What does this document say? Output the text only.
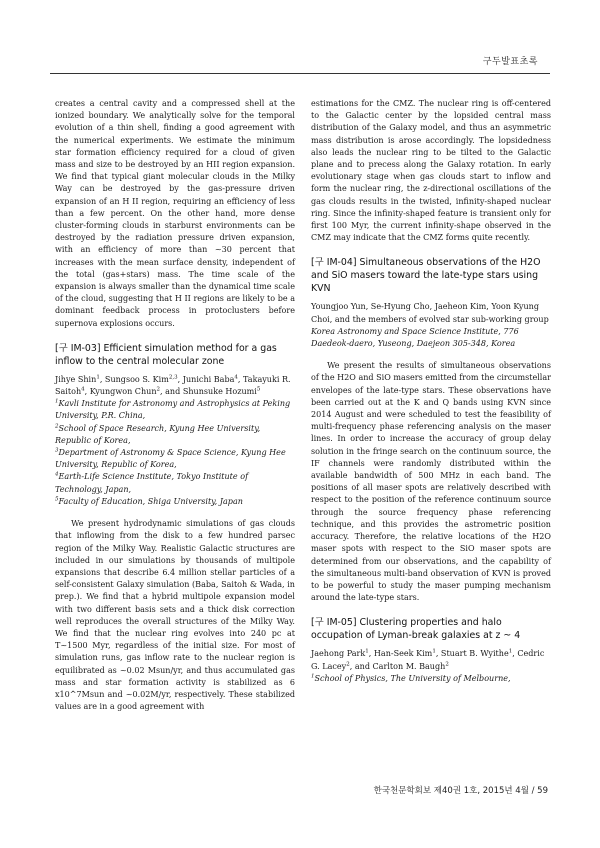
구두발표초록

creates a central cavity and a compressed shell at the ionized boundary. We analytically solve for the temporal evolution of a thin shell, finding a good agreement with the numerical experiments. We estimate the minimum star formation efficiency required for a cloud of given mass and size to be destroyed by an HII region expansion. We find that typical giant molecular clouds in the Milky Way can be destroyed by the gas-pressure driven expansion of an H II region, requiring an efficiency of less than a few percent. On the other hand, more dense cluster-forming clouds in starburst environments can be destroyed by the radiation pressure driven expansion, with an efficiency of more than ~30 percent that increases with the mean surface density, independent of the total (gas+stars) mass. The time scale of the expansion is always smaller than the dynamical time scale of the cloud, suggesting that H II regions are likely to be a dominant feedback process in protoclusters before supernova explosions occurs.

[구 IM-03] Efficient simulation method for a gas inflow to the central molecular zone

Jihye Shin$^1$, Sungsoo S. Kim$^{2,3}$, Junichi Baba$^4$, Takayuki R. Saitoh$^4$, Kyungwon Chun$^2$, and Shunsuke Hozumi$^5$

$^1$Kavli Institute for Astronomy and Astrophysics at Peking University, P.R. China,

$^2$School of Space Research, Kyung Hee University, Republic of Korea,

$^3$Department of Astronomy & Space Science, Kyung Hee University, Republic of Korea,

$^4$Earth-Life Science Institute, Tokyo Institute of Technology, Japan,

$^5$Faculty of Education, Shiga University, Japan

We present hydrodynamic simulations of gas clouds that inflowing from the disk to a few hundred parsec region of the Milky Way. Realistic Galactic structures are included in our simulations by thousands of multipole expansions that describe 6.4 million stellar particles of a self-consistent Galaxy simulation (Baba, Saitoh & Wada, in prep.). We find that a hybrid multipole expansion model with two different basis sets and a thick disk correction well reproduces the overall structures of the Milky Way. We find that the nuclear ring evolves into 240 pc at T~1500 Myr, regardless of the initial size. For most of simulation runs, gas inflow rate to the nuclear region is equilibrated as ~0.02 Msun/yr, and thus accumulated gas mass and star formation activity is stabilized as 6 x10^7Msun and ~0.02M/yr, respectively. These stabilized values are in a good agreement with

estimations for the CMZ. The nuclear ring is off-centered to the Galactic center by the lopsided central mass distribution of the Galaxy model, and thus an asymmetric mass distribution is arose accordingly. The lopsidedness also leads the nuclear ring to be tilted to the Galactic plane and to precess along the Galaxy rotation. In early evolutionary stage when gas clouds start to inflow and form the nuclear ring, the z-directional oscillations of the gas clouds results in the twisted, infinity-shaped nuclear ring. Since the infinity-shaped feature is transient only for first 100 Myr, the current infinity-shape observed in the CMZ may indicate that the CMZ forms quite recently.

[구 IM-04] Simultaneous observations of the H2O and SiO masers toward the late-type stars using KVN

Youngjoo Yun, Se-Hyung Cho, Jaeheon Kim, Yoon Kyung Choi, and the members of evolved star sub-working group

Korea Astronomy and Space Science Institute, 776 Daedeok-daero, Yuseong, Daejeon 305-348, Korea

We present the results of simultaneous observations of the H2O and SiO masers emitted from the circumstellar envelopes of the late-type stars. These observations have been carried out at the K and Q bands using KVN since 2014 August and were scheduled to test the feasibility of multi-frequency phase referencing analysis on the maser lines. In order to increase the accuracy of group delay solution in the fringe search on the continuum source, the IF channels were randomly distributed within the available bandwidth of 500 MHz in each band. The positions of all maser spots are relatively described with respect to the position of the reference continuum source through the source frequency phase referencing technique, and this provides the astrometric position accuracy. Therefore, the relative locations of the H2O maser spots with respect to the SiO maser spots are determined from our observations, and the capability of the simultaneous multi-band observation of KVN is proved to be powerful to study the maser pumping mechanism around the late-type stars.

[구 IM-05] Clustering properties and halo occupation of Lyman-break galaxies at z ~ 4

Jaehong Park$^1$, Han-Seek Kim$^1$, Stuart B. Wyithe$^1$, Cedric G. Lacey$^2$, and Carlton M. Baugh$^2$

$^1$School of Physics, The University of Melbourne,

한국천문학회보 제40권 1호, 2015년 4월 / 59
